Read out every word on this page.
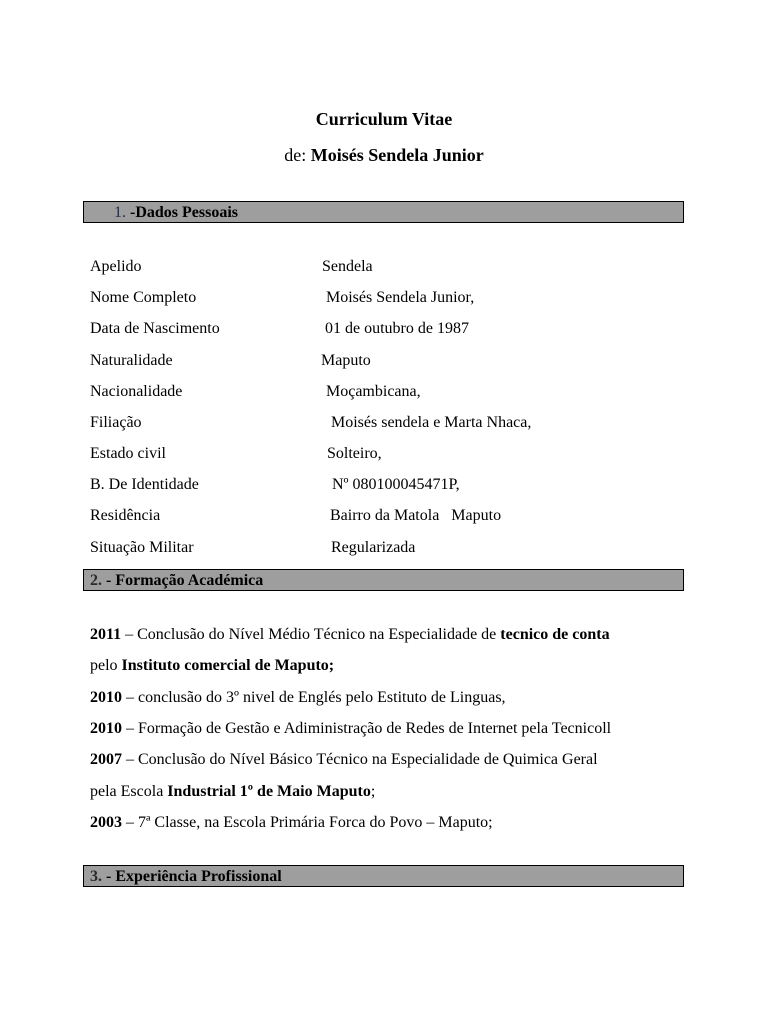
Curriculum Vitae
de: Moisés Sendela Junior
1. -Dados Pessoais
Apelido	Sendela
Nome Completo	Moisés Sendela Junior,
Data de Nascimento	01 de outubro de 1987
Naturalidade	Maputo
Nacionalidade	Moçambicana,
Filiação	Moisés sendela e Marta Nhaca,
Estado civil	Solteiro,
B. De Identidade	Nº 080100045471P,
Residência	Bairro da Matola   Maputo
Situação Militar	Regularizada
2. - Formação Académica
2011 – Conclusão do Nível Médio Técnico na Especialidade de tecnico de conta
pelo Instituto comercial de Maputo;
2010 – conclusão do 3º nivel de Englés pelo Estituto de Linguas,
2010 – Formação de Gestão e Adiministração de Redes de Internet pela Tecnicoll
2007 – Conclusão do Nível Básico Técnico na Especialidade de Quimica Geral
pela Escola Industrial 1º de Maio Maputo;
2003 – 7ª Classe, na Escola Primária Forca do Povo – Maputo;
3. - Experiência Profissional
